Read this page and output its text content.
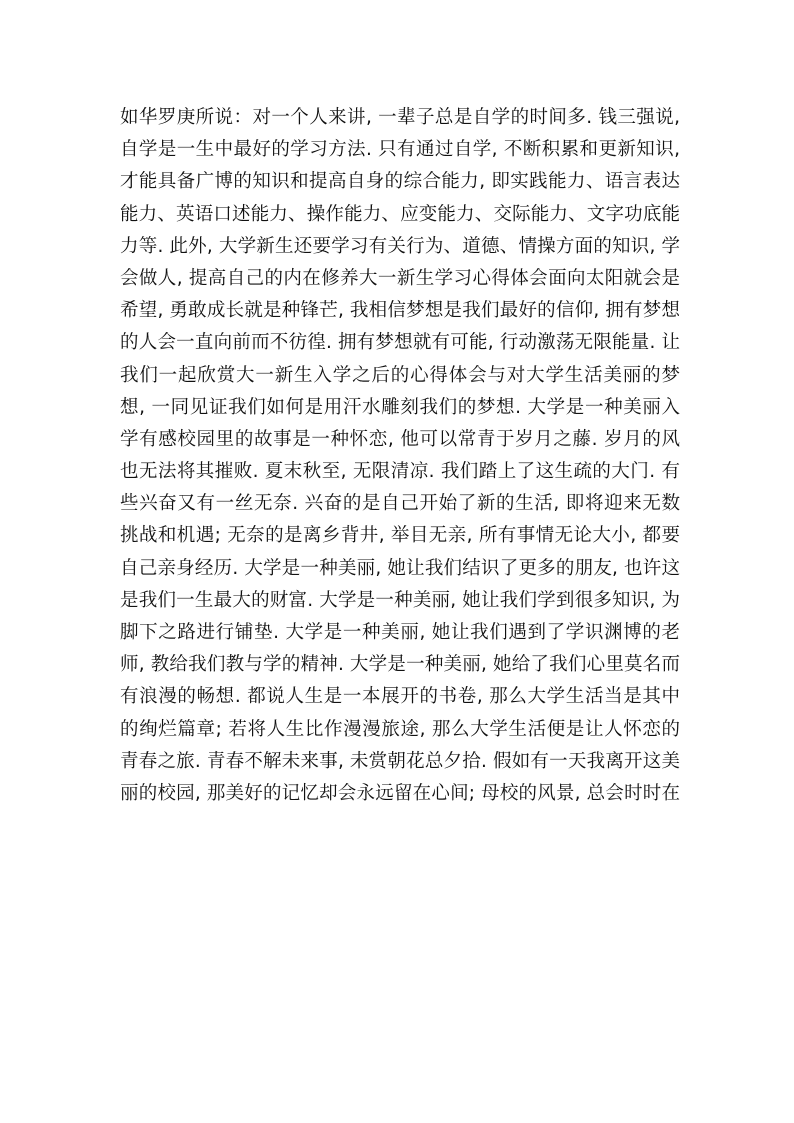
如华罗庚所说：对一个人来讲, 一辈子总是自学的时间多. 钱三强说,
自学是一生中最好的学习方法. 只有通过自学, 不断积累和更新知识,
才能具备广博的知识和提高自身的综合能力, 即实践能力、语言表达
能力、英语口述能力、操作能力、应变能力、交际能力、文字功底能
力等. 此外, 大学新生还要学习有关行为、道德、情操方面的知识, 学
会做人, 提高自己的内在修养大一新生学习心得体会面向太阳就会是
希望, 勇敢成长就是种锋芒, 我相信梦想是我们最好的信仰, 拥有梦想
的人会一直向前而不彷徨. 拥有梦想就有可能, 行动激荡无限能量. 让
我们一起欣赏大一新生入学之后的心得体会与对大学生活美丽的梦
想, 一同见证我们如何是用汗水雕刻我们的梦想. 大学是一种美丽入
学有感校园里的故事是一种怀恋, 他可以常青于岁月之藤. 岁月的风
也无法将其摧败. 夏末秋至, 无限清凉. 我们踏上了这生疏的大门. 有
些兴奋又有一丝无奈. 兴奋的是自己开始了新的生活, 即将迎来无数
挑战和机遇; 无奈的是离乡背井, 举目无亲, 所有事情无论大小, 都要
自己亲身经历. 大学是一种美丽, 她让我们结识了更多的朋友, 也许这
是我们一生最大的财富. 大学是一种美丽, 她让我们学到很多知识, 为
脚下之路进行铺垫. 大学是一种美丽, 她让我们遇到了学识渊博的老
师, 教给我们教与学的精神. 大学是一种美丽, 她给了我们心里莫名而
有浪漫的畅想. 都说人生是一本展开的书卷, 那么大学生活当是其中
的绚烂篇章; 若将人生比作漫漫旅途, 那么大学生活便是让人怀恋的
青春之旅. 青春不解未来事, 未赏朝花总夕拾. 假如有一天我离开这美
丽的校园, 那美好的记忆却会永远留在心间; 母校的风景, 总会时时在
